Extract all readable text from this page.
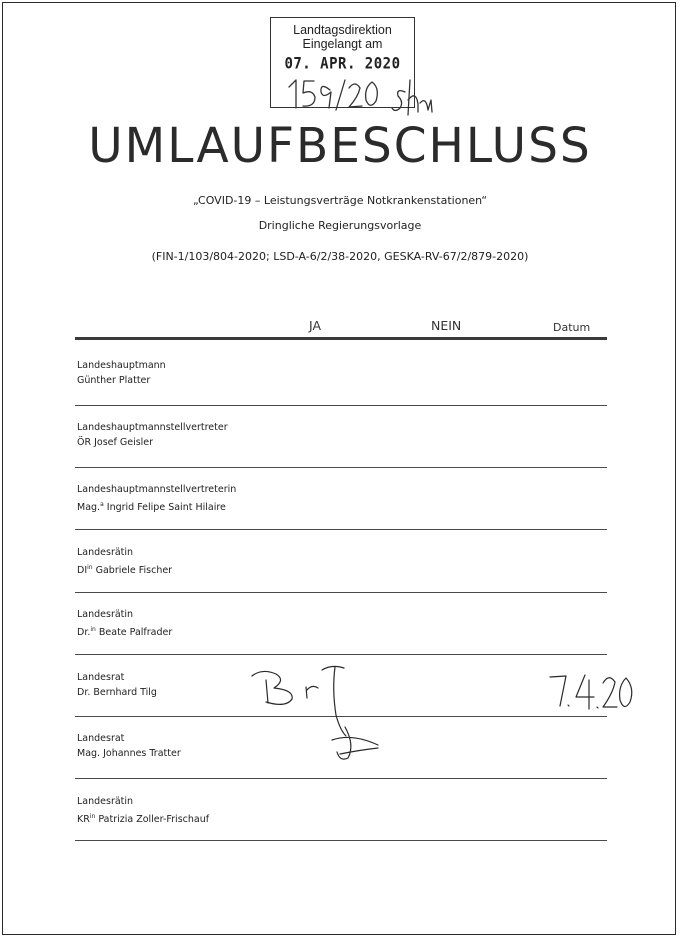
Landtagsdirektion
Eingelangt am
07. APR. 2020
UMLAUFBESCHLUSS
„COVID-19 – Leistungsverträge Notkrankenstationen“
Dringliche Regierungsvorlage
(FIN-1/103/804-2020; LSD-A-6/2/38-2020, GESKA-RV-67/2/879-2020)
JA	NEIN	Datum
Landeshauptmann
Günther Platter
Landeshauptmannstellvertreter
ÖR Josef Geisler
Landeshauptmannstellvertreterin
Mag.$^a$ Ingrid Felipe Saint Hilaire
Landesrätin
$DI^{in}$ Gabriele Fischer
Landesrätin
Dr.$^{in}$ Beate Palfrader
Landesrat
Dr. Bernhard Tilg
Landesrat
Mag. Johannes Tratter
Landesrätin
$KR^{in}$ Patrizia Zoller-Frischauf
